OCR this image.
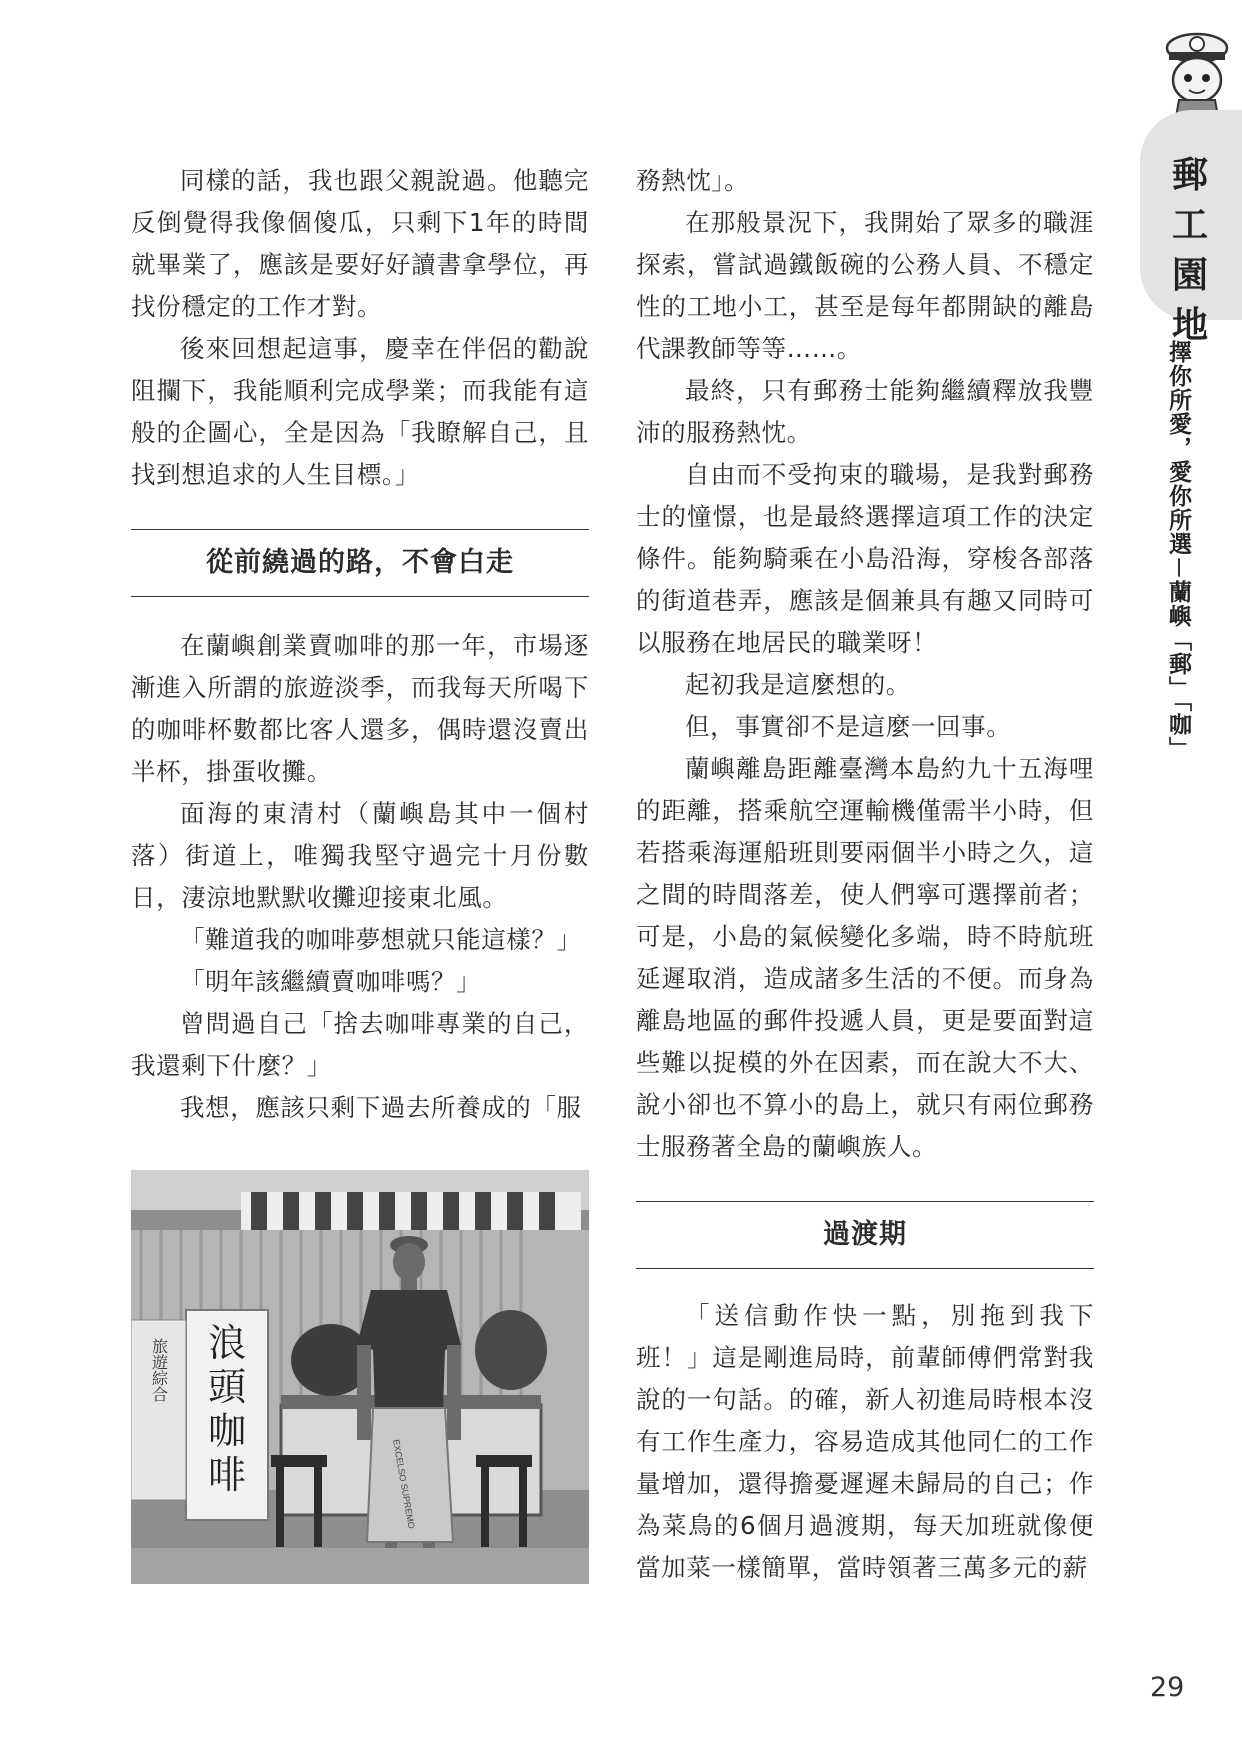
同樣的話，我也跟父親說過。他聽完反倒覺得我像個傻瓜，只剩下1年的時間就畢業了，應該是要好好讀書拿學位，再找份穩定的工作才對。

後來回想起這事，慶幸在伴侶的勸說阻攔下，我能順利完成學業；而我能有這般的企圖心，全是因為「我瞭解自己，且找到想追求的人生目標。」

從前繞過的路，不會白走

在蘭嶼創業賣咖啡的那一年，市場逐漸進入所謂的旅遊淡季，而我每天所喝下的咖啡杯數都比客人還多，偶時還沒賣出半杯，掛蛋收攤。

面海的東清村（蘭嶼島其中一個村落）街道上，唯獨我堅守過完十月份數日，淒涼地默默收攤迎接東北風。

「難道我的咖啡夢想就只能這樣？」

「明年該繼續賣咖啡嗎？」

曾問過自己「捨去咖啡專業的自己，我還剩下什麼？」

我想，應該只剩下過去所養成的「服

EXCELSO SUPREMO
浪
頭
咖
啡
旅遊綜合

務熱忱」。

在那般景況下，我開始了眾多的職涯探索，嘗試過鐵飯碗的公務人員、不穩定性的工地小工，甚至是每年都開缺的離島代課教師等等……。

最終，只有郵務士能夠繼續釋放我豐沛的服務熱忱。

自由而不受拘束的職場，是我對郵務士的憧憬，也是最終選擇這項工作的決定條件。能夠騎乘在小島沿海，穿梭各部落的街道巷弄，應該是個兼具有趣又同時可以服務在地居民的職業呀！

起初我是這麼想的。

但，事實卻不是這麼一回事。

蘭嶼離島距離臺灣本島約九十五海哩的距離，搭乘航空運輸機僅需半小時，但若搭乘海運船班則要兩個半小時之久，這之間的時間落差，使人們寧可選擇前者；可是，小島的氣候變化多端，時不時航班延遲取消，造成諸多生活的不便。而身為離島地區的郵件投遞人員，更是要面對這些難以捉模的外在因素，而在說大不大、說小卻也不算小的島上，就只有兩位郵務士服務著全島的蘭嶼族人。

過渡期

「送信動作快一點，別拖到我下班！」這是剛進局時，前輩師傅們常對我說的一句話。的確，新人初進局時根本沒有工作生產力，容易造成其他同仁的工作量增加，還得擔憂遲遲未歸局的自己；作為菜鳥的6個月過渡期，每天加班就像便當加菜一樣簡單，當時領著三萬多元的薪

郵
工
園
地
擇你所愛，愛你所選－蘭嶼「郵」「咖」
29
